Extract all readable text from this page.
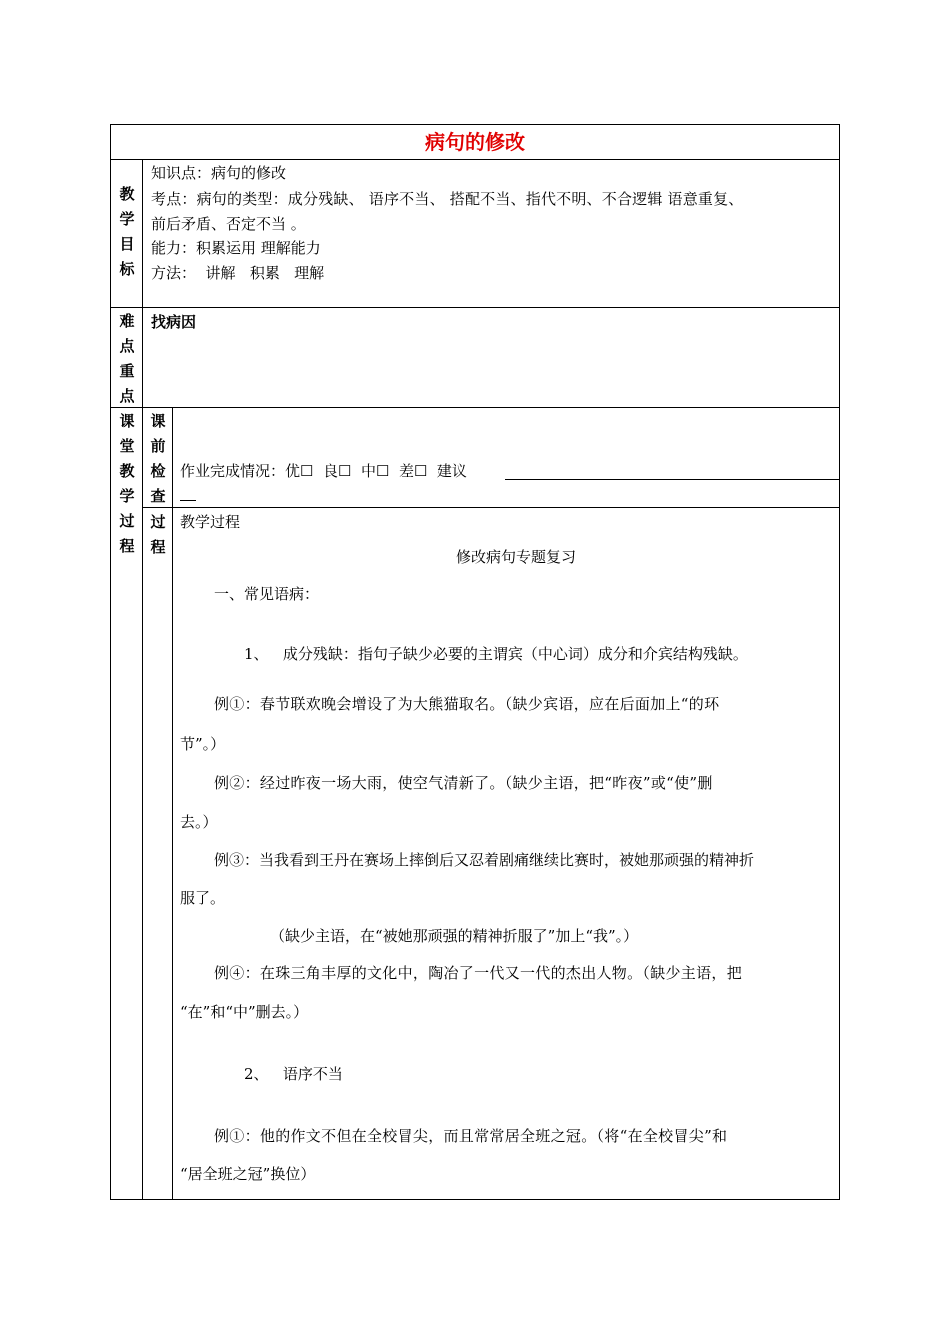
病句的修改
教
学
目
标
知识点：病句的修改
考点：病句的类型：成分残缺、 语序不当、 搭配不当、指代不明、不合逻辑 语意重复、
前后矛盾、否定不当 。
能力：积累运用 理解能力
方法：  讲解   积累   理解
难
点
重
点
找病因
课
堂
教
学
过
程
课
前
检
查
作业完成情况：优☐  良☐  中☐  差☐  建议
过
程
教学过程
修改病句专题复习
一、常见语病：
1、   成分残缺：指句子缺少必要的主谓宾（中心词）成分和介宾结构残缺。
例①：春节联欢晚会增设了为大熊猫取名。（缺少宾语，应在后面加上“的环
节”。）
例②：经过昨夜一场大雨，使空气清新了。（缺少主语，把“昨夜”或“使”删
去。）
例③：当我看到王丹在赛场上摔倒后又忍着剧痛继续比赛时，被她那顽强的精神折
服了。
（缺少主语，在“被她那顽强的精神折服了”加上“我”。）
例④：在珠三角丰厚的文化中，陶冶了一代又一代的杰出人物。（缺少主语，把
“在”和“中”删去。）
2、   语序不当
例①：他的作文不但在全校冒尖，而且常常居全班之冠。（将“在全校冒尖”和
“居全班之冠”换位）
